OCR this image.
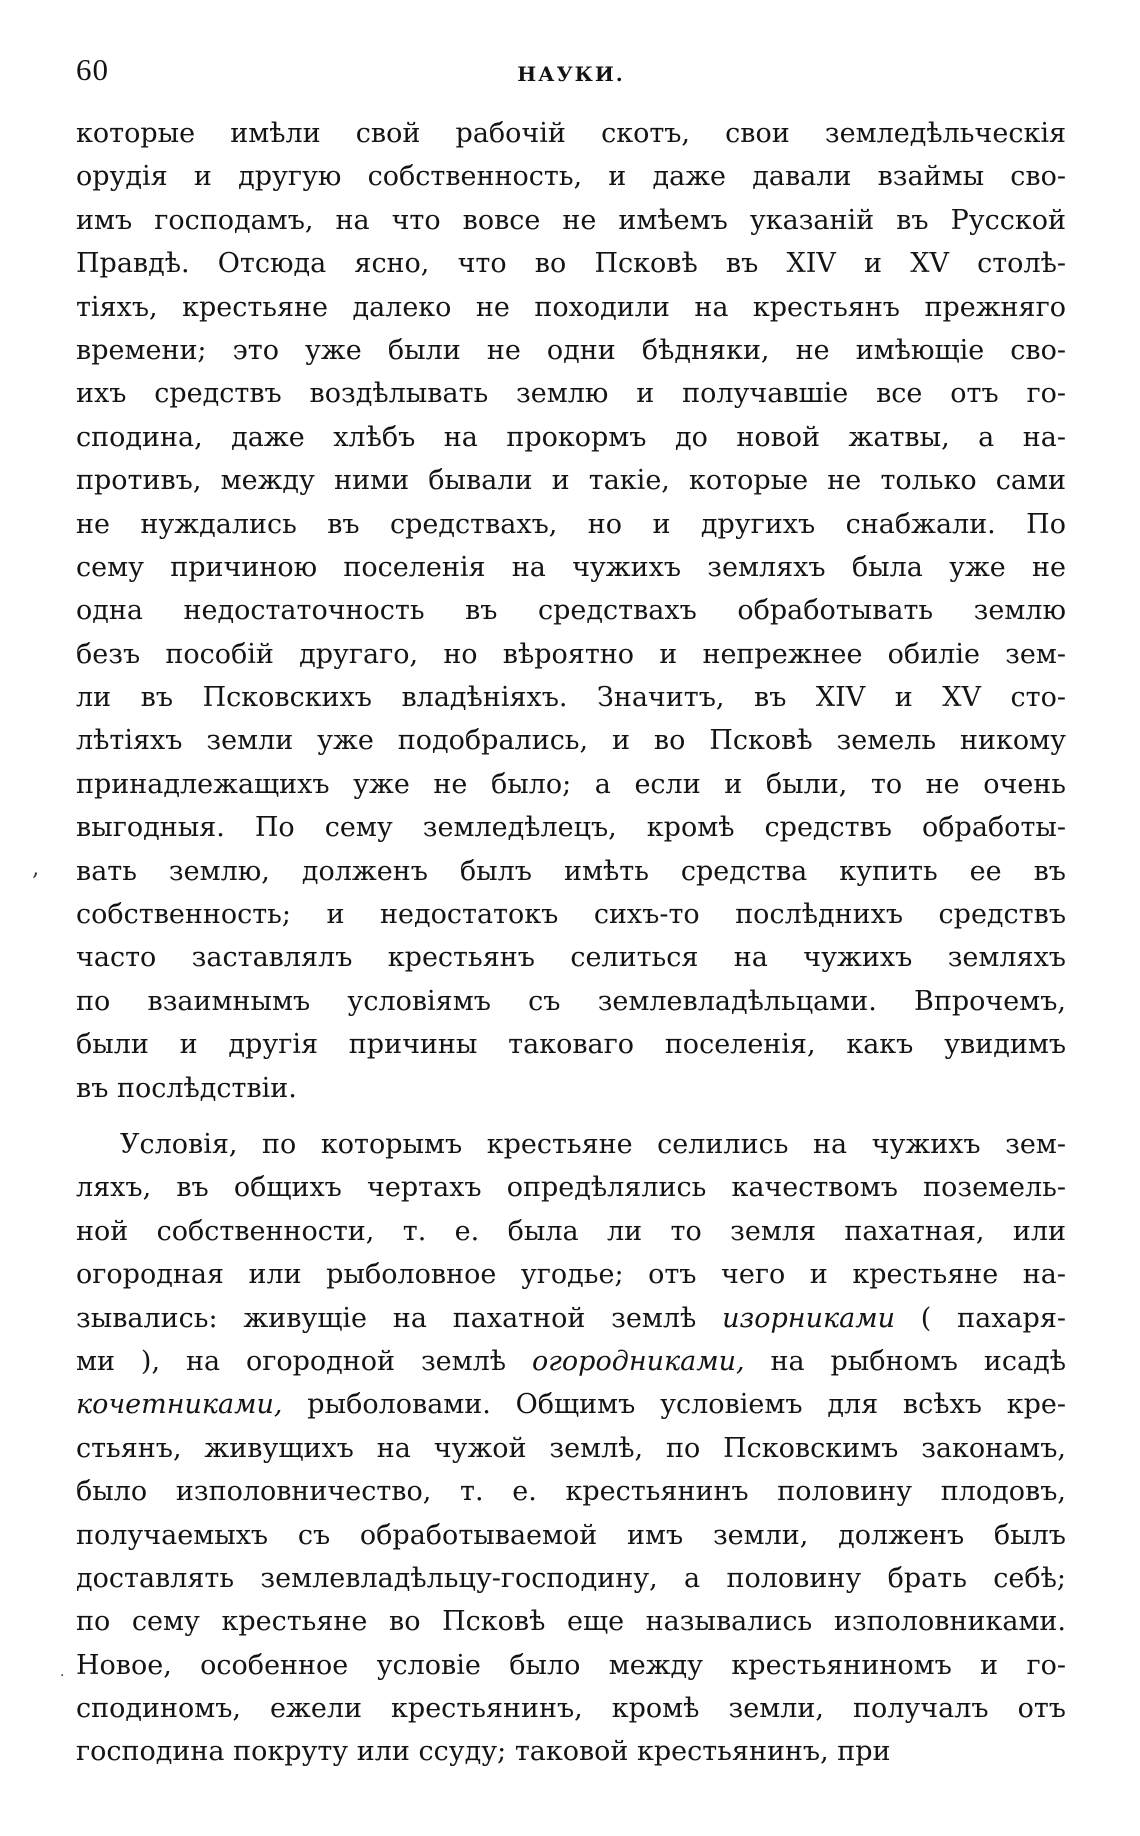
60	НАУКИ.
‚
·
которые имѣли свой рабочій скотъ, свои земледѣльческія
орудія и другую собственность, и даже давали взаймы сво-
имъ господамъ, на что вовсе не имѣемъ указаній въ Русской
Правдѣ. Отсюда ясно, что во Псковѣ въ XIV и XV столѣ-
тіяхъ, крестьяне далеко не походили на крестьянъ прежняго
времени; это уже были не одни бѣдняки, не имѣющіе сво-
ихъ средствъ воздѣлывать землю и получавшіе все отъ го-
сподина, даже хлѣбъ на прокормъ до новой жатвы, а на-
противъ, между ними бывали и такіе, которые не только сами
не нуждались въ средствахъ, но и другихъ снабжали. По
сему причиною поселенія на чужихъ земляхъ была уже не
одна недостаточность въ средствахъ обработывать землю
безъ пособій другаго, но вѣроятно и непрежнее обиліе зем-
ли въ Псковскихъ владѣніяхъ. Значитъ, въ XIV и XV сто-
лѣтіяхъ земли уже подобрались, и во Псковѣ земель никому
принадлежащихъ уже не было; а если и были, то не очень
выгодныя. По сему земледѣлецъ, кромѣ средствъ обработы-
вать землю, долженъ былъ имѣть средства купить ее въ
собственность; и недостатокъ сихъ-то послѣднихъ средствъ
часто заставлялъ крестьянъ селиться на чужихъ земляхъ
по взаимнымъ условіямъ съ землевладѣльцами. Впрочемъ,
были и другія причины таковаго поселенія, какъ увидимъ
въ послѣдствіи.
Условія, по которымъ крестьяне селились на чужихъ зем-
ляхъ, въ общихъ чертахъ опредѣлялись качествомъ поземель-
ной собственности, т. е. была ли то земля пахатная, или
огородная или рыболовное угодье; отъ чего и крестьяне на-
зывались: живущіе на пахатной землѣ изорниками ( пахаря-
ми ), на огородной землѣ огородниками, на рыбномъ исадѣ
кочетниками, рыболовами. Общимъ условіемъ для всѣхъ кре-
стьянъ, живущихъ на чужой землѣ, по Псковскимъ законамъ,
было изполовничество, т. е. крестьянинъ половину плодовъ,
получаемыхъ съ обработываемой имъ земли, долженъ былъ
доставлять землевладѣльцу-господину, а половину брать себѣ;
по сему крестьяне во Псковѣ еще назывались изполовниками.
Новое, особенное условіе было между крестьяниномъ и го-
сподиномъ, ежели крестьянинъ, кромѣ земли, получалъ отъ
господина покруту или ссуду; таковой крестьянинъ, при
